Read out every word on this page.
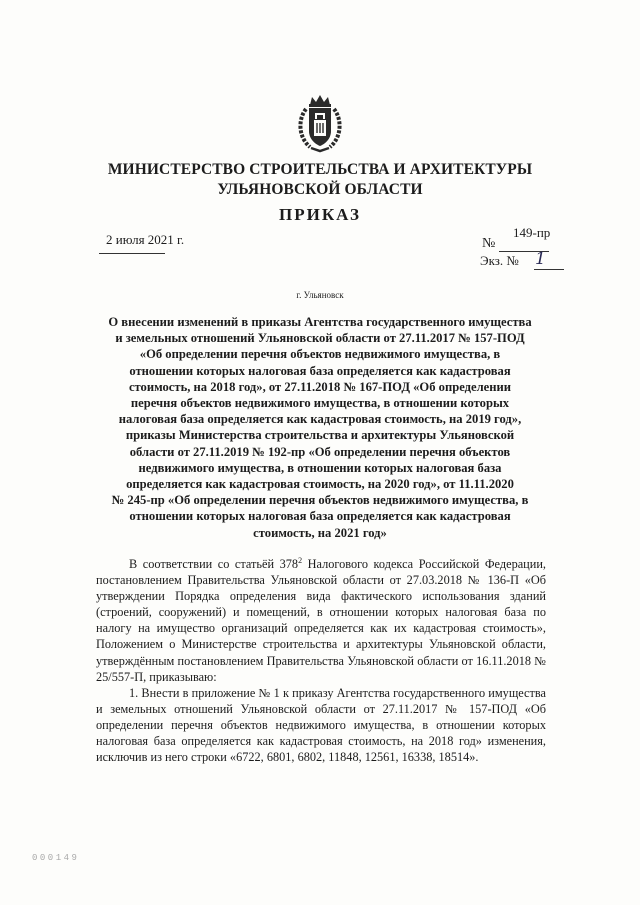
МИНИСТЕРСТВО СТРОИТЕЛЬСТВА И АРХИТЕКТУРЫ
УЛЬЯНОВСКОЙ ОБЛАСТИ
ПРИКАЗ
2 июля 2021 г.	№
149-пр
Экз. № 1
г. Ульяновск
О внесении изменений в приказы Агентства государственного имущества
и земельных отношений Ульяновской области от 27.11.2017 № 157-ПОД
«Об определении перечня объектов недвижимого имущества, в
отношении которых налоговая база определяется как кадастровая
стоимость, на 2018 год», от 27.11.2018 № 167-ПОД «Об определении
перечня объектов недвижимого имущества, в отношении которых
налоговая база определяется как кадастровая стоимость, на 2019 год»,
приказы Министерства строительства и архитектуры Ульяновской
области от 27.11.2019 № 192-пр «Об определении перечня объектов
недвижимого имущества, в отношении которых налоговая база
определяется как кадастровая стоимость, на 2020 год», от 11.11.2020
№ 245-пр «Об определении перечня объектов недвижимого имущества, в
отношении которых налоговая база определяется как кадастровая
стоимость, на 2021 год»

В соответствии со статьёй $378^2$ Налогового кодекса Российской Федерации, постановлением Правительства Ульяновской области от 27.03.2018 № 136-П «Об утверждении Порядка определения вида фактического использования зданий (строений, сооружений) и помещений, в отношении которых налоговая база по налогу на имущество организаций определяется как их кадастровая стоимость», Положением о Министерстве строительства и архитектуры Ульяновской области, утверждённым постановлением Правительства Ульяновской области от 16.11.2018 № 25/557-П, приказываю:

1. Внести в приложение № 1 к приказу Агентства государственного имущества и земельных отношений Ульяновской области от 27.11.2017 № 157-ПОД «Об определении перечня объектов недвижимого имущества, в отношении которых налоговая база определяется как кадастровая стоимость, на 2018 год» изменения, исключив из него строки «6722, 6801, 6802, 11848, 12561, 16338, 18514».

000149
